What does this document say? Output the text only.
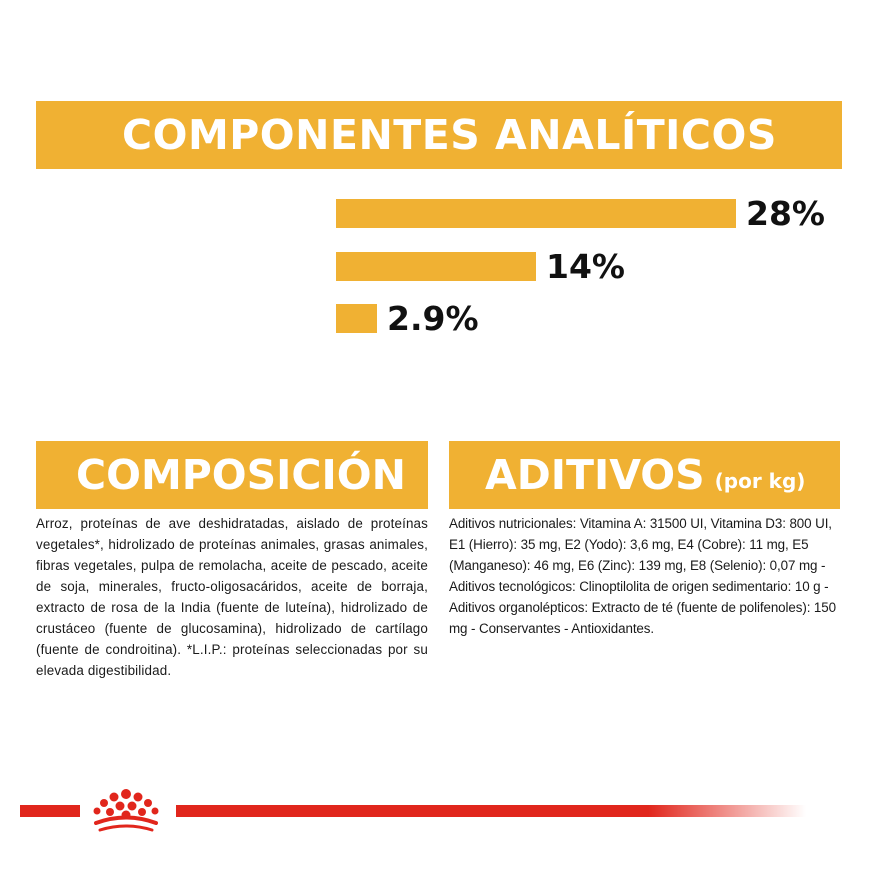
COMPONENTES ANALÍTICOS
28%
14%
2.9%
COMPOSICIÓN
Arroz, proteínas de ave deshidratadas, aislado de proteínas vegetales*, hidrolizado de proteínas animales, grasas animales, fibras vegetales, pulpa de remolacha, aceite de pescado, aceite de soja, minerales, fructo-oligosacáridos, aceite de borraja, extracto de rosa de la India (fuente de luteína), hidrolizado de crustáceo (fuente de glucosamina), hidrolizado de cartílago (fuente de condroitina). *L.I.P.: proteínas seleccionadas por su elevada digestibilidad.
ADITIVOS (por kg)
Aditivos nutricionales: Vitamina A: 31500 UI, Vitamina D3: 800 UI, E1 (Hierro): 35 mg, E2 (Yodo): 3,6 mg, E4 (Cobre): 11 mg, E5 (Manganeso): 46 mg, E6 (Zinc): 139 mg, E8 (Selenio): 0,07 mg - Aditivos tecnológicos: Clinoptilolita de origen sedimentario: 10 g - Aditivos organolépticos: Extracto de té (fuente de polifenoles): 150 mg - Conservantes - Antioxidantes.
